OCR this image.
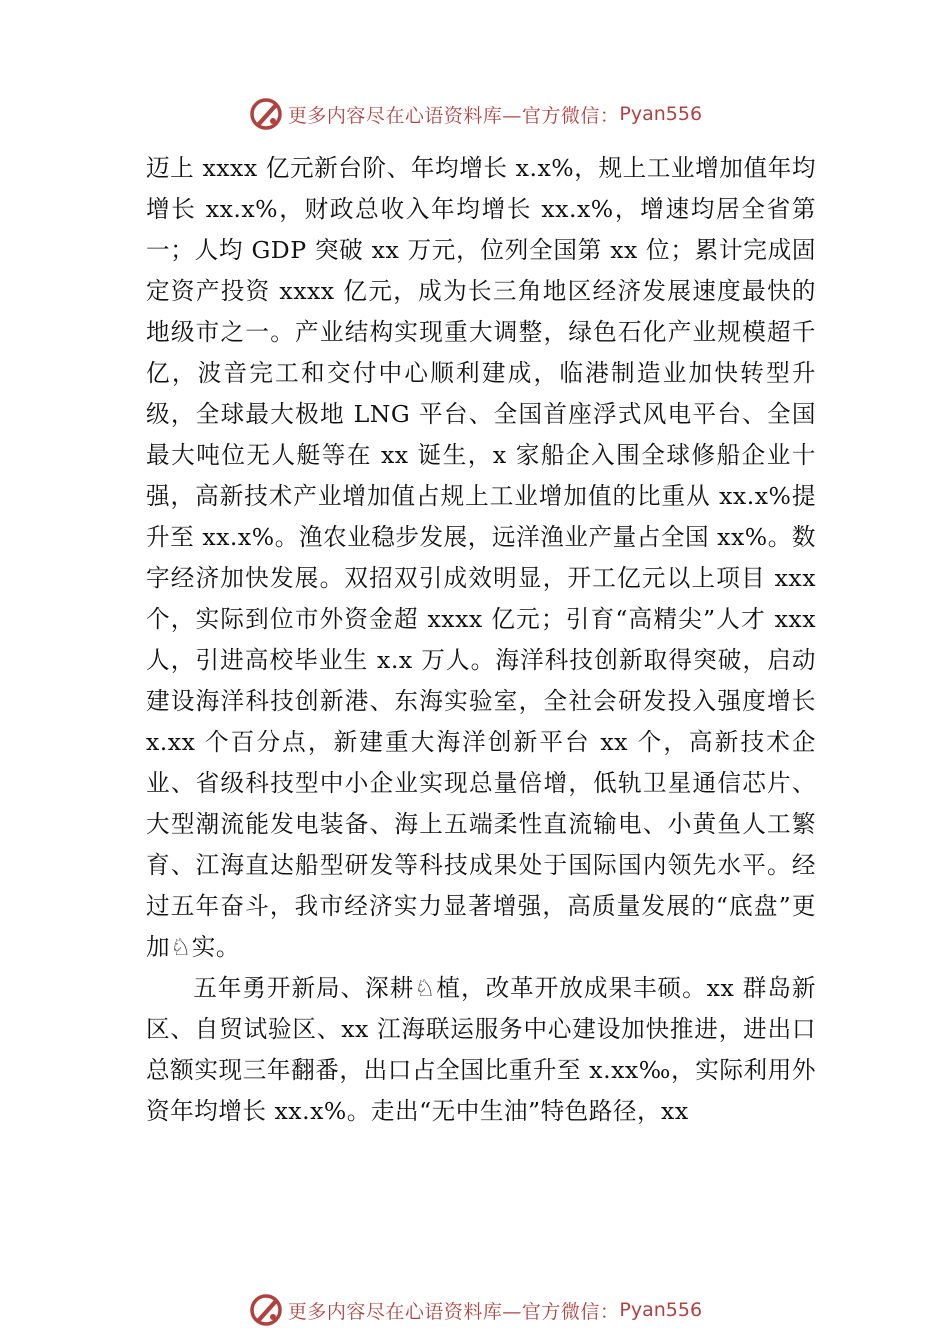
更多内容尽在心语资料库—官方微信： Pyan556

迈上 xxxx 亿元新台阶、年均增长 x.x%，规上工业增加值年均增长 xx.x%，财政总收入年均增长 xx.x%，增速均居全省第一；人均 GDP 突破 xx 万元，位列全国第 xx 位；累计完成固定资产投资 xxxx 亿元，成为长三角地区经济发展速度最快的地级市之一。产业结构实现重大调整，绿色石化产业规模超千亿，波音完工和交付中心顺利建成，临港制造业加快转型升级，全球最大极地 LNG 平台、全国首座浮式风电平台、全国最大吨位无人艇等在 xx 诞生，x 家船企入围全球修船企业十强，高新技术产业增加值占规上工业增加值的比重从 xx.x%提升至 xx.x%。渔农业稳步发展，远洋渔业产量占全国 xx%。数字经济加快发展。双招双引成效明显，开工亿元以上项目 xxx 个，实际到位市外资金超 xxxx 亿元；引育“高精尖”人才 xxx 人，引进高校毕业生 x.x 万人。海洋科技创新取得突破，启动建设海洋科技创新港、东海实验室，全社会研发投入强度增长 x.xx 个百分点，新建重大海洋创新平台 xx 个，高新技术企业、省级科技型中小企业实现总量倍增，低轨卫星通信芯片、大型潮流能发电装备、海上五端柔性直流输电、小黄鱼人工繁育、江海直达船型研发等科技成果处于国际国内领先水平。经过五年奋斗，我市经济实力显著增强，高质量发展的“底盘”更加♘实。

五年勇开新局、深耕♘植，改革开放成果丰硕。xx 群岛新区、自贸试验区、xx 江海联运服务中心建设加快推进，进出口总额实现三年翻番，出口占全国比重升至 x.xx‰，实际利用外资年均增长 xx.x%。走出“无中生油”特色路径，xx

更多内容尽在心语资料库—官方微信： Pyan556
